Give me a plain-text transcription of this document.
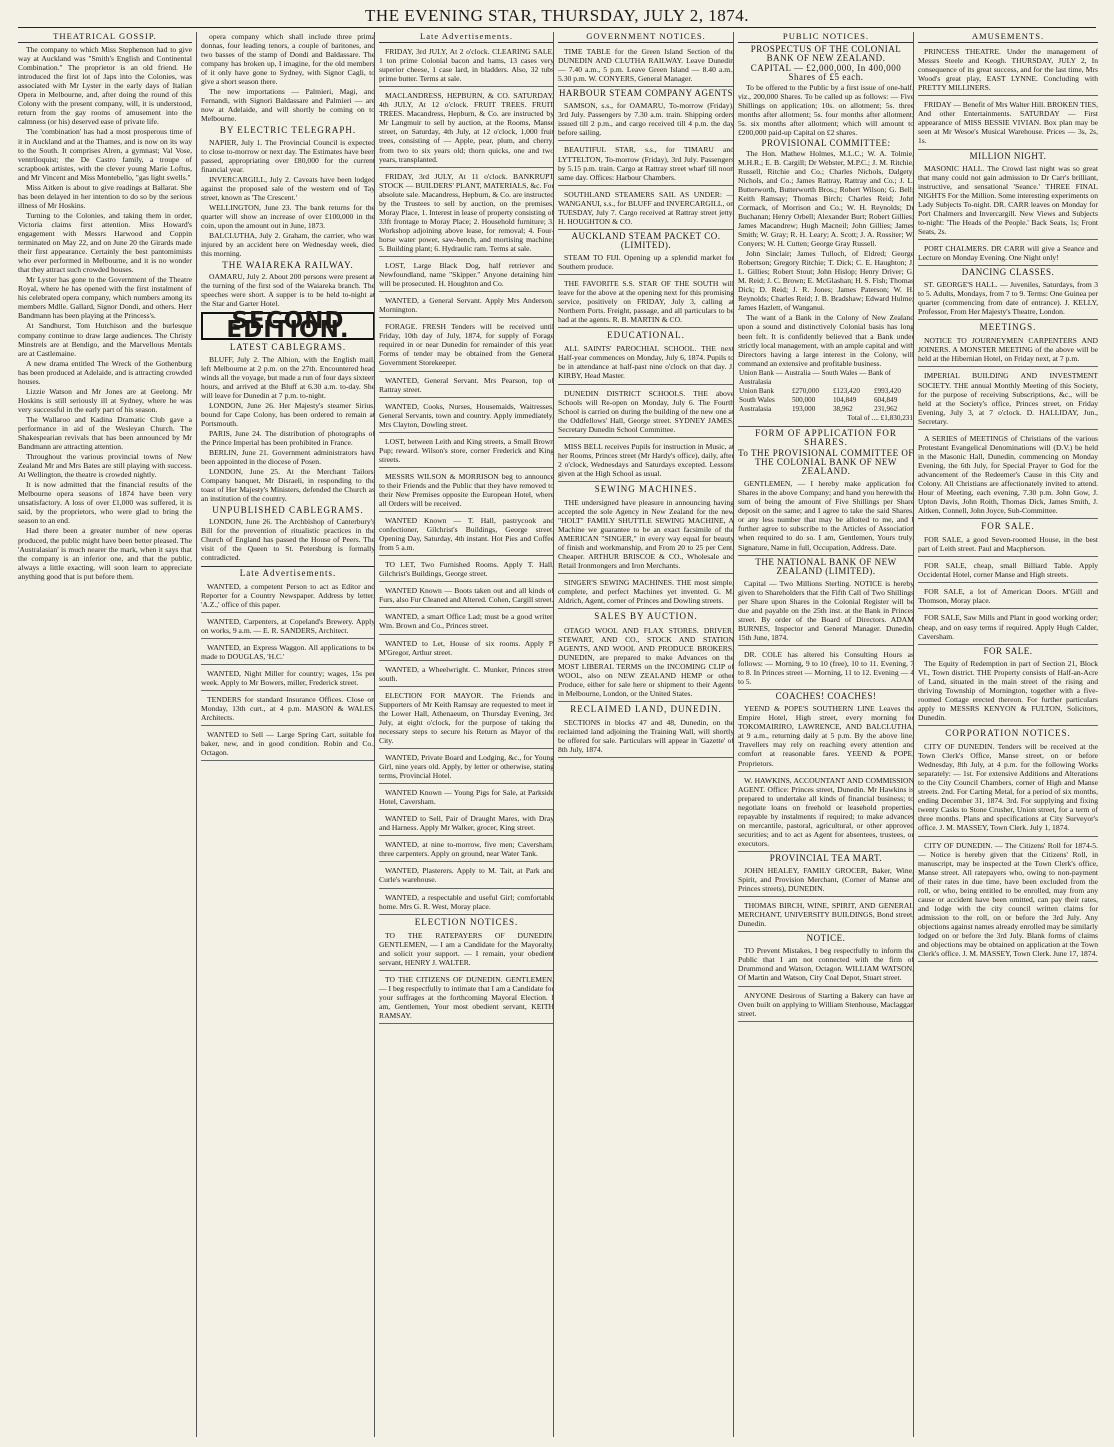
THE EVENING STAR, THURSDAY, JULY 2, 1874.
THEATRICAL GOSSIP.

The company to which Miss Stephenson had to give way at Auckland was "Smith's English and Continental Combination." The proprietor is an old friend. He introduced the first lot of Japs into the Colonies, was associated with Mr Lyster in the early days of Italian Opera in Melbourne, and, after doing the round of this Colony with the present company, will, it is understood, return from the gay rooms of amusement into the calmness (or his) deserved ease of private life.

The 'combination' has had a most prosperous time of it in Auckland and at the Thames, and is now on its way to the South. It comprises Alren, a gymnast; Val Vose, ventriloquist; the De Castro family, a troupe of scrapbook artistes, with the clever young Marie Loftus, and Mr Vincent and Miss Montebello, "gas light swells."

Miss Aitken is about to give readings at Ballarat. She has been delayed in her intention to do so by the serious illness of Mr Hoskins.

Turning to the Colonies, and taking them in order, Victoria claims first attention. Miss Howard's engagement with Messrs Harwood and Coppin terminated on May 22, and on June 20 the Girards made their first appearance. Certainly the best pantomimists who ever performed in Melbourne, and it is no wonder that they attract such crowded houses.

Mr Lyster has gone to the Government of the Theatre Royal, where he has opened with the first instalment of his celebrated opera company, which numbers among its members Mdlle. Gallard, Signor Dondi, and others. Herr Bandmann has been playing at the Princess's.

At Sandhurst, Tom Hutchison and the burlesque company continue to draw large audiences. The Christy Minstrels are at Bendigo, and the Marvellous Mentals are at Castlemaine.

A new drama entitled The Wreck of the Gothenburg has been produced at Adelaide, and is attracting crowded houses.

Lizzie Watson and Mr Jones are at Geelong. Mr Hoskins is still seriously ill at Sydney, where he was very successful in the early part of his season.

The Wallaroo and Kadina Dramatic Club gave a performance in aid of the Wesleyan Church. The Shakespearian revivals that has been announced by Mr Bandmann are attracting attention.

Throughout the various provincial towns of New Zealand Mr and Mrs Bates are still playing with success. At Wellington, the theatre is crowded nightly.

It is now admitted that the financial results of the Melbourne opera seasons of 1874 have been very unsatisfactory. A loss of over £1,000 was suffered, it is said, by the proprietors, who were glad to bring the season to an end.

Had there been a greater number of new operas produced, the public might have been better pleased. The 'Australasian' is much nearer the mark, when it says that the company is an inferior one, and that the public, always a little exacting, will soon learn to appreciate anything good that is put before them.

opera company which shall include three prima donnas, four leading tenors, a couple of baritones, and two basses of the stamp of Dondi and Baldassare. The company has broken up, I imagine, for the old members of it only have gone to Sydney, with Signor Cagli, to give a short season there.

The new importations — Palmieri, Magi, and Fernandi, with Signori Baldassare and Palmieri — are now at Adelaide, and will shortly be coming on to Melbourne.

BY ELECTRIC TELEGRAPH.

NAPIER, July 1. The Provincial Council is expected to close to-morrow or next day. The Estimates have been passed, appropriating over £80,000 for the current financial year.

INVERCARGILL, July 2. Caveats have been lodged against the proposed sale of the western end of Tay street, known as 'The Crescent.'

WELLINGTON, June 23. The bank returns for the quarter will show an increase of over £100,000 in the coin, upon the amount out in June, 1873.

BALCLUTHA, July 2. Graham, the carrier, who was injured by an accident here on Wednesday week, died this morning.

THE WAIAREKA RAILWAY.

OAMARU, July 2. About 200 persons were present at the turning of the first sod of the Waiareka branch. The speeches were short. A supper is to be held to-night at the Star and Garter Hotel.

SECOND EDITION.
LATEST CABLEGRAMS.

BLUFF, July 2. The Albion, with the English mail, left Melbourne at 2 p.m. on the 27th. Encountered head winds all the voyage, but made a run of four days sixteen hours, and arrived at the Bluff at 6.30 a.m. to-day. She will leave for Dunedin at 7 p.m. to-night.

LONDON, June 26. Her Majesty's steamer Sirius, bound for Cape Colony, has been ordered to remain at Portsmouth.

PARIS, June 24. The distribution of photographs of the Prince Imperial has been prohibited in France.

BERLIN, June 21. Government administrators have been appointed in the diocese of Posen.

LONDON, June 25. At the Merchant Tailors' Company banquet, Mr Disraeli, in responding to the toast of Her Majesty's Ministers, defended the Church as an institution of the country.

UNPUBLISHED CABLEGRAMS.

LONDON, June 26. The Archbishop of Canterbury's Bill for the prevention of ritualistic practices in the Church of England has passed the House of Peers. The visit of the Queen to St. Petersburg is formally contradicted.

Late Advertisements.

WANTED, a competent Person to act as Editor and Reporter for a Country Newspaper. Address by letter, 'A.Z.,' office of this paper.

WANTED, Carpenters, at Copeland's Brewery. Apply on works, 9 a.m. — E. R. SANDERS, Architect.

WANTED, an Express Waggon. All applications to be made to DOUGLAS, 'H.C.'

WANTED, Night Miller for country; wages, 15s per week. Apply to Mr Bowers, miller, Frederick street.

TENDERS for standard Insurance Offices. Close on Monday, 13th curt., at 4 p.m. MASON & WALES, Architects.

WANTED to Sell — Large Spring Cart, suitable for baker, new, and in good condition. Robin and Co., Octagon.

Late Advertisements.

FRIDAY, 3rd JULY, At 2 o'clock. CLEARING SALE. 1 ton prime Colonial bacon and hams, 13 cases very superior cheese, 1 case lard, in bladders. Also, 32 tubs prime butter. Terms at sale.

MACLANDRESS, HEPBURN, & CO. SATURDAY, 4th JULY, At 12 o'clock. FRUIT TREES. FRUIT TREES. Macandress, Hepburn, & Co. are instructed by Mr Langmuir to sell by auction, at the Rooms, Manse street, on Saturday, 4th July, at 12 o'clock, 1,000 fruit trees, consisting of — Apple, pear, plum, and cherry, from two to six years old; thorn quicks, one and two years, transplanted.

FRIDAY, 3rd JULY, At 11 o'clock. BANKRUPT STOCK — BUILDERS' PLANT, MATERIALS, &c. For absolute sale. Macandress, Hepburn, & Co. are instructed by the Trustees to sell by auction, on the premises, Moray Place, 1. Interest in lease of property consisting of 33ft frontage to Moray Place; 2. Household furniture; 3. Workshop adjoining above lease, for removal; 4. Four-horse water power, saw-bench, and mortising machine; 5. Building plant; 6. Hydraulic ram. Terms at sale.

LOST, Large Black Dog, half retriever and Newfoundland, name "Skipper." Anyone detaining him will be prosecuted. H. Houghton and Co.

WANTED, a General Servant. Apply Mrs Anderson, Mornington.

FORAGE. FRESH Tenders will be received until Friday, 10th day of July, 1874, for supply of Forage required in or near Dunedin for remainder of this year. Forms of tender may be obtained from the General Government Storekeeper.

WANTED, General Servant. Mrs Pearson, top of Rattray street.

WANTED, Cooks, Nurses, Housemaids, Waitresses, General Servants, town and country. Apply immediately, Mrs Clayton, Dowling street.

LOST, between Leith and King streets, a Small Brown Pup; reward. Wilson's store, corner Frederick and King streets.

MESSRS WILSON & MORRISON beg to announce to their Friends and the Public that they have removed to their New Premises opposite the European Hotel, where all Orders will be received.

WANTED Known — T. Hall, pastrycook and confectioner, Gilchrist's Buildings, George street. Opening Day, Saturday, 4th instant. Hot Pies and Coffee from 5 a.m.

TO LET, Two Furnished Rooms. Apply T. Hall, Gilchrist's Buildings, George street.

WANTED Known — Boots taken out and all kinds of Furs, also Fur Cleaned and Altered. Cohen, Cargill street.

WANTED, a smart Office Lad; must be a good writer. Wm. Brown and Co., Princes street.

WANTED to Let, House of six rooms. Apply P. M'Gregor, Arthur street.

WANTED, a Wheelwright. C. Munker, Princes street south.

ELECTION FOR MAYOR. The Friends and Supporters of Mr Keith Ramsay are requested to meet in the Lower Hall, Athenaeum, on Thursday Evening, 3rd July, at eight o'clock, for the purpose of taking the necessary steps to secure his Return as Mayor of the City.

WANTED, Private Board and Lodging, &c., for Young Girl, nine years old. Apply, by letter or otherwise, stating terms, Provincial Hotel.

WANTED Known — Young Pigs for Sale, at Parkside Hotel, Caversham.

WANTED to Sell, Pair of Draught Mares, with Dray and Harness. Apply Mr Walker, grocer, King street.

WANTED, at nine to-morrow, five men; Caversham, three carpenters. Apply on ground, near Water Tank.

WANTED, Plasterers. Apply to M. Tait, at Park and Curle's warehouse.

WANTED, a respectable and useful Girl; comfortable home. Mrs G. R. West, Moray place.

ELECTION NOTICES.

TO THE RATEPAYERS OF DUNEDIN. GENTLEMEN, — I am a Candidate for the Mayoralty, and solicit your support. — I remain, your obedient servant, HENRY J. WALTER.

TO THE CITIZENS OF DUNEDIN. GENTLEMEN, — I beg respectfully to intimate that I am a Candidate for your suffrages at the forthcoming Mayoral Election. I am, Gentlemen, Your most obedient servant, KEITH RAMSAY.

GOVERNMENT NOTICES.

TIME TABLE for the Green Island Section of the DUNEDIN AND CLUTHA RAILWAY. Leave Dunedin — 7.40 a.m., 5 p.m. Leave Green Island — 8.40 a.m., 5.30 p.m. W. CONYERS, General Manager.

HARBOUR STEAM COMPANY AGENTS

SAMSON, s.s., for OAMARU, To-morrow (Friday), 3rd July. Passengers by 7.30 a.m. train. Shipping orders issued till 2 p.m., and cargo received till 4 p.m. the day before sailing.

BEAUTIFUL STAR, s.s., for TIMARU and LYTTELTON, To-morrow (Friday), 3rd July. Passengers by 5.15 p.m. train. Cargo at Rattray street wharf till noon same day. Offices: Harbour Chambers.

SOUTHLAND STEAMERS SAIL AS UNDER: — WANGANUI, s.s., for BLUFF and INVERCARGILL, on TUESDAY, July 7. Cargo received at Rattray street jetty. H. HOUGHTON & CO.

AUCKLAND STEAM PACKET CO. (LIMITED).

STEAM TO FIJI. Opening up a splendid market for Southern produce.

THE FAVORITE S.S. STAR OF THE SOUTH will leave for the above at the opening next for this promising service, positively on FRIDAY, July 3, calling at Northern Ports. Freight, passage, and all particulars to be had at the agents. R. B. MARTIN & CO.

EDUCATIONAL.

ALL SAINTS' PAROCHIAL SCHOOL. THE next Half-year commences on Monday, July 6, 1874. Pupils to be in attendance at half-past nine o'clock on that day. J. KIRBY, Head Master.

DUNEDIN DISTRICT SCHOOLS. THE above Schools will Re-open on Monday, July 6. The Fourth School is carried on during the building of the new one at the Oddfellows' Hall, George street. SYDNEY JAMES, Secretary Dunedin School Committee.

MISS BELL receives Pupils for instruction in Music, at her Rooms, Princes street (Mr Hardy's office), daily, after 2 o'clock, Wednesdays and Saturdays excepted. Lessons given at the High School as usual.

SEWING MACHINES.

THE undersigned have pleasure in announcing having accepted the sole Agency in New Zealand for the new "HOLT" FAMILY SHUTTLE SEWING MACHINE, A Machine we guarantee to be an exact facsimile of the AMERICAN "SINGER," in every way equal for beauty of finish and workmanship, and From 20 to 25 per Cent. Cheaper. ARTHUR BRISCOE & CO., Wholesale and Retail Ironmongers and Iron Merchants.

SINGER'S SEWING MACHINES. THE most simple, complete, and perfect Machines yet invented. G. M. Aldrich, Agent, corner of Princes and Dowling streets.

SALES BY AUCTION.

OTAGO WOOL AND FLAX STORES. DRIVER, STEWART, AND CO., STOCK AND STATION AGENTS, AND WOOL AND PRODUCE BROKERS, DUNEDIN, are prepared to make Advances on the MOST LIBERAL TERMS on the INCOMING CLIP of WOOL, also on NEW ZEALAND HEMP or other Produce, either for sale here or shipment to their Agents in Melbourne, London, or the United States.

RECLAIMED LAND, DUNEDIN.

SECTIONS in blocks 47 and 48, Dunedin, on the reclaimed land adjoining the Training Wall, will shortly be offered for sale. Particulars will appear in 'Gazette' of 8th July, 1874.

PUBLIC NOTICES.
PROSPECTUS OF THE COLONIAL BANK OF NEW ZEALAND.
CAPITAL — £2,000,000, In 400,000 Shares of £5 each.

To be offered to the Public by a first issue of one-half, viz., 200,000 Shares. To be called up as follows: — Five Shillings on application; 10s. on allotment; 5s. three months after allotment; 5s. four months after allotment; 5s. six months after allotment; which will amount to £200,000 paid-up Capital on £2 shares.

PROVISIONAL COMMITTEE:

The Hon. Mathew Holmes, M.L.C.; W. A. Tolmie, M.H.R.; E. B. Cargill; Dr Webster, M.P.C.; J. M. Ritchie, Russell, Ritchie and Co.; Charles Nichols, Dalgety, Nichols, and Co.; James Rattray, Rattray and Co.; J. L. Butterworth, Butterworth Bros.; Robert Wilson; G. Bell; Keith Ramsay; Thomas Birch; Charles Reid; John Cormack, of Morrison and Co.; W. H. Reynolds; Dr Buchanan; Henry Orbell; Alexander Burt; Robert Gillies; James Macandrew; Hugh Macneil; John Gillies; James Smith; W. Gray; R. H. Leary; A. Scott; J. A. Rossiter; W. Conyers; W. H. Cutten; George Gray Russell.

John Sinclair; James Tulloch, of Eldred; George Robertson; Gregory Ritchie; T. Dick; C. E. Haughton; J. L. Gillies; Robert Stout; John Hislop; Henry Driver; G. M. Reid; J. C. Brown; E. McGlashan; H. S. Fish; Thomas Dick; D. Reid; J. R. Jones; James Paterson; W. H. Reynolds; Charles Reid; J. B. Bradshaw; Edward Hulme; James Hazlett, of Wanganui.

The want of a Bank in the Colony of New Zealand upon a sound and distinctively Colonial basis has long been felt. It is confidently believed that a Bank under strictly local management, with an ample capital and with Directors having a large interest in the Colony, will command an extensive and profitable business.

Union Bank — Australia — South Wales — Bank of Australasia			
Union Bank	£270,000	£123,420	£993,420
South Wales	500,000	104,849	604,849
Australasia	193,000	38,962	231,962
Total of .... £1,830,231			
FORM OF APPLICATION FOR SHARES.
To THE PROVISIONAL COMMITTEE OF THE COLONIAL BANK OF NEW ZEALAND.

GENTLEMEN, — I hereby make application for Shares in the above Company; and hand you herewith the sum of being the amount of Five Shillings per Share deposit on the same; and I agree to take the said Shares, or any less number that may be allotted to me, and I further agree to subscribe to the Articles of Association when required to do so. I am, Gentlemen, Yours truly, Signature, Name in full, Occupation, Address. Date.

THE NATIONAL BANK OF NEW ZEALAND (LIMITED).

Capital — Two Millions Sterling. NOTICE is hereby given to Shareholders that the Fifth Call of Two Shillings per Share upon Shares in the Colonial Register will be due and payable on the 25th inst. at the Bank in Princes street. By order of the Board of Directors. ADAM BURNES, Inspector and General Manager. Dunedin, 15th June, 1874.

DR. COLE has altered his Consulting Hours as follows: — Morning, 9 to 10 (free), 10 to 11. Evening, 7 to 8. In Princes street — Morning, 11 to 12. Evening — 4 to 5.

COACHES! COACHES!

YEEND & POPE'S SOUTHERN LINE Leaves the Empire Hotel, High street, every morning for TOKOMAIRIRO, LAWRENCE, AND BALCLUTHA, at 9 a.m., returning daily at 5 p.m. By the above line, Travellers may rely on reaching every attention and comfort at reasonable fares. YEEND & POPE, Proprietors.

W. HAWKINS, ACCOUNTANT AND COMMISSION AGENT. Office: Princes street, Dunedin. Mr Hawkins is prepared to undertake all kinds of financial business; to negotiate loans on freehold or leasehold properties, repayable by instalments if required; to make advances on mercantile, pastoral, agricultural, or other approved securities; and to act as Agent for absentees, trustees, or executors.

PROVINCIAL TEA MART.

JOHN HEALEY, FAMILY GROCER, Baker, Wine, Spirit, and Provision Merchant, (Corner of Manse and Princes streets), DUNEDIN.

THOMAS BIRCH, WINE, SPIRIT, AND GENERAL MERCHANT, UNIVERSITY BUILDINGS, Bond street, Dunedin.

NOTICE.

TO Prevent Mistakes, I beg respectfully to inform the Public that I am not connected with the firm of Drummond and Watson, Octagon. WILLIAM WATSON, Of Martin and Watson, City Coal Depot, Stuart street.

ANYONE Desirous of Starting a Bakery can have an Oven built on applying to William Stenhouse, Maclaggan street.

AMUSEMENTS.

PRINCESS THEATRE. Under the management of Messrs Steele and Keogh. THURSDAY, JULY 2, In consequence of its great success, and for the last time, Mrs Wood's great play, EAST LYNNE. Concluding with PRETTY MILLINERS.

FRIDAY — Benefit of Mrs Walter Hill. BROKEN TIES, And other Entertainments. SATURDAY — First appearance of MISS BESSIE VIVIAN. Box plan may be seen at Mr Wesoe's Musical Warehouse. Prices — 3s, 2s, 1s.

MILLION NIGHT.

MASONIC HALL. The Crowd last night was so great that many could not gain admission to Dr Carr's brilliant, instructive, and sensational 'Seance.' THREE FINAL NIGHTS For the Million. Some interesting experiments on Lady Subjects To-night. DR. CARR leaves on Monday for Port Chalmers and Invercargill. New Views and Subjects to-night: 'The Heads of the People.' Back Seats, 1s; Front Seats, 2s.

PORT CHALMERS. DR CARR will give a Seance and Lecture on Monday Evening. One Night only!

DANCING CLASSES.

ST. GEORGE'S HALL. — Juveniles, Saturdays, from 3 to 5. Adults, Mondays, from 7 to 9. Terms: One Guinea per quarter (commencing from date of entrance). J. KELLY, Professor, From Her Majesty's Theatre, London.

MEETINGS.

NOTICE TO JOURNEYMEN CARPENTERS AND JOINERS. A MONSTER MEETING of the above will be held at the Hibernian Hotel, on Friday next, at 7 p.m.

IMPERIAL BUILDING AND INVESTMENT SOCIETY. THE annual Monthly Meeting of this Society, for the purpose of receiving Subscriptions, &c., will be held at the Society's office, Princes street, on Friday Evening, July 3, at 7 o'clock. D. HALLIDAY, Jun., Secretary.

A SERIES of MEETINGS of Christians of the various Protestant Evangelical Denominations will (D.V.) be held in the Masonic Hall, Dunedin, commencing on Monday Evening, the 6th July, for Special Prayer to God for the advancement of the Redeemer's Cause in this City and Colony. All Christians are affectionately invited to attend. Hour of Meeting, each evening, 7.30 p.m. John Gow, J. Upton Davis, John Roith, Thomas Dick, James Smith, J. Aitken, Connell, John Joyce, Sub-Committee.

FOR SALE.

FOR SALE, a good Seven-roomed House, in the best part of Leith street. Paul and Macpherson.

FOR SALE, cheap, small Billiard Table. Apply Occidental Hotel, corner Manse and High streets.

FOR SALE, a lot of American Doors. M'Gill and Thomson, Moray place.

FOR SALE, Saw Mills and Plant in good working order; cheap, and on easy terms if required. Apply Hugh Calder, Caversham.

FOR SALE.

The Equity of Redemption in part of Section 21, Block VI., Town district. THE Property consists of Half-an-Acre of Land, situated in the main street of the rising and thriving Township of Mornington, together with a five-roomed Cottage erected thereon. For further particulars apply to MESSRS KENYON & FULTON, Solicitors, Dunedin.

CORPORATION NOTICES.

CITY OF DUNEDIN. Tenders will be received at the Town Clerk's Office, Manse street, on or before Wednesday, 8th July, at 4 p.m. for the following Works separately: — 1st. For extensive Additions and Alterations to the City Council Chambers, corner of High and Manse streets. 2nd. For Carting Metal, for a period of six months, ending December 31, 1874. 3rd. For supplying and fixing twenty Casks to Stone Crusher, Union street, for a term of three months. Plans and specifications at City Surveyor's office. J. M. MASSEY, Town Clerk. July 1, 1874.

CITY OF DUNEDIN. — The Citizens' Roll for 1874-5. — Notice is hereby given that the Citizens' Roll, in manuscript, may be inspected at the Town Clerk's office, Manse street. All ratepayers who, owing to non-payment of their rates in due time, have been excluded from the roll, or who, being entitled to be enrolled, may from any cause or accident have been omitted, can pay their rates, and lodge with the city council written claims for admission to the roll, on or before the 3rd July. Any objections against names already enrolled may be similarly lodged on or before the 3rd July. Blank forms of claims and objections may be obtained on application at the Town Clerk's office. J. M. MASSEY, Town Clerk. June 17, 1874.
